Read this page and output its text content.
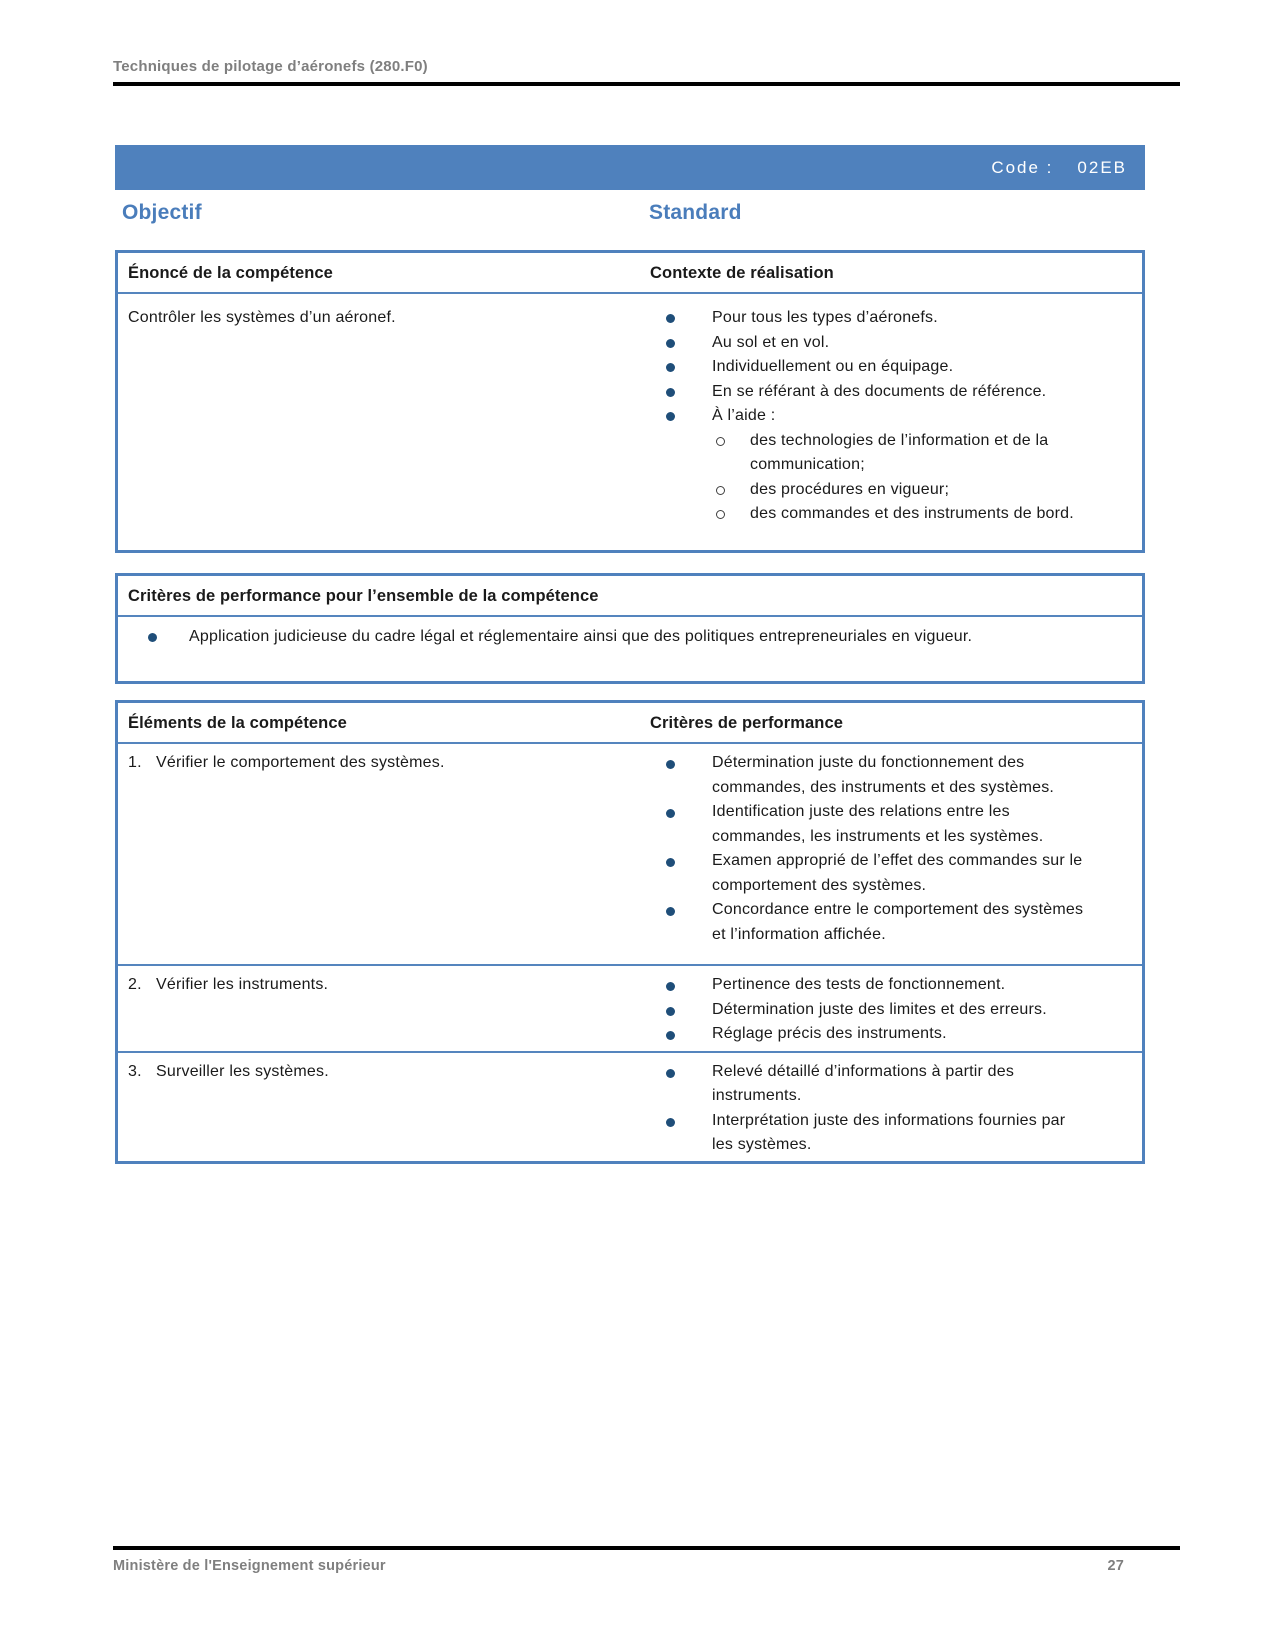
Techniques de pilotage d’aéronefs (280.F0)
Code : 02EB
Objectif	Standard
Énoncé de la compétence	Contexte de réalisation
Contrôler les systèmes d’un aéronef.	Pour tous les types d’aéronefs.
Au sol et en vol.
Individuellement ou en équipage.
En se référant à des documents de référence.
À l’aide :
des technologies de l’information et de la communication;
des procédures en vigueur;
des commandes et des instruments de bord.
Critères de performance pour l’ensemble de la compétence
Application judicieuse du cadre légal et réglementaire ainsi que des politiques entrepreneuriales en vigueur.
Éléments de la compétence	Critères de performance
1. Vérifier le comportement des systèmes.	Détermination juste du fonctionnement des commandes, des instruments et des systèmes.
Identification juste des relations entre les commandes, les instruments et les systèmes.
Examen approprié de l’effet des commandes sur le comportement des systèmes.
Concordance entre le comportement des systèmes et l’information affichée.
2. Vérifier les instruments.	Pertinence des tests de fonctionnement.
Détermination juste des limites et des erreurs.
Réglage précis des instruments.
3. Surveiller les systèmes.	Relevé détaillé d’informations à partir des instruments.
Interprétation juste des informations fournies par les systèmes.
Ministère de l'Enseignement supérieur	27
